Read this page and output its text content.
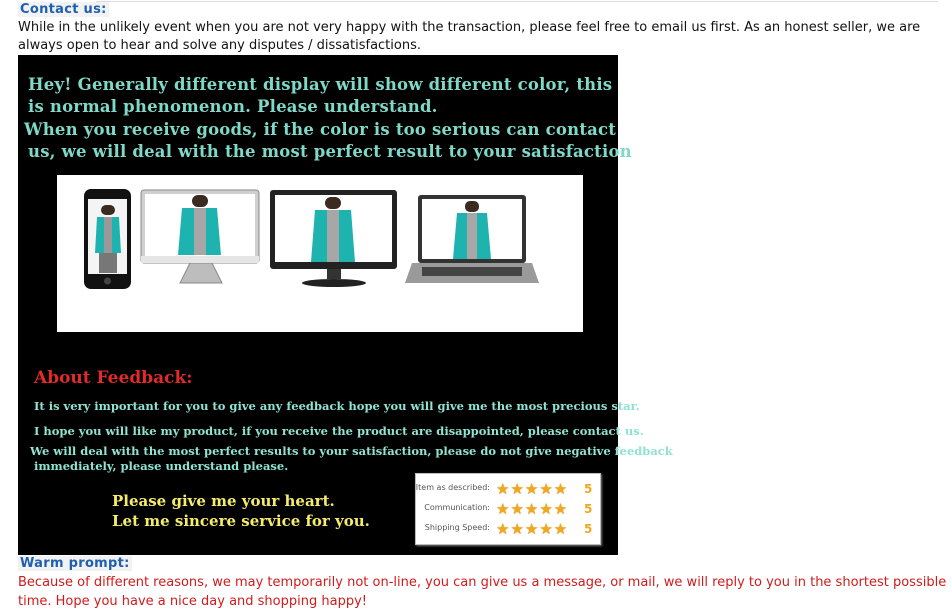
Contact us:
While in the unlikely event when you are not very happy with the transaction, please feel free to email us first. As an honest seller, we are always open to hear and solve any disputes / dissatisfactions.
Hey! Generally different display will show different color, this
is normal phenomenon. Please understand.
When you receive goods, if the color is too serious can contact
us, we will deal with the most perfect result to your satisfaction
About Feedback:
It is very important for you to give any feedback hope you will give me the most precious star.
I hope you will like my product, if you receive the product are disappointed, please contact us.
We will deal with the most perfect results to your satisfaction, please do not give negative feedback
immediately, please understand please.
Please give me your heart.
Let me sincere service for you.
Item as described: ★★★★★ 5
Communication: ★★★★★ 5
Shipping Speed: ★★★★★ 5
Warm prompt:
Because of different reasons, we may temporarily not on-line, you can give us a message, or mail, we will reply to you in the shortest possible time. Hope you have a nice day and shopping happy!
